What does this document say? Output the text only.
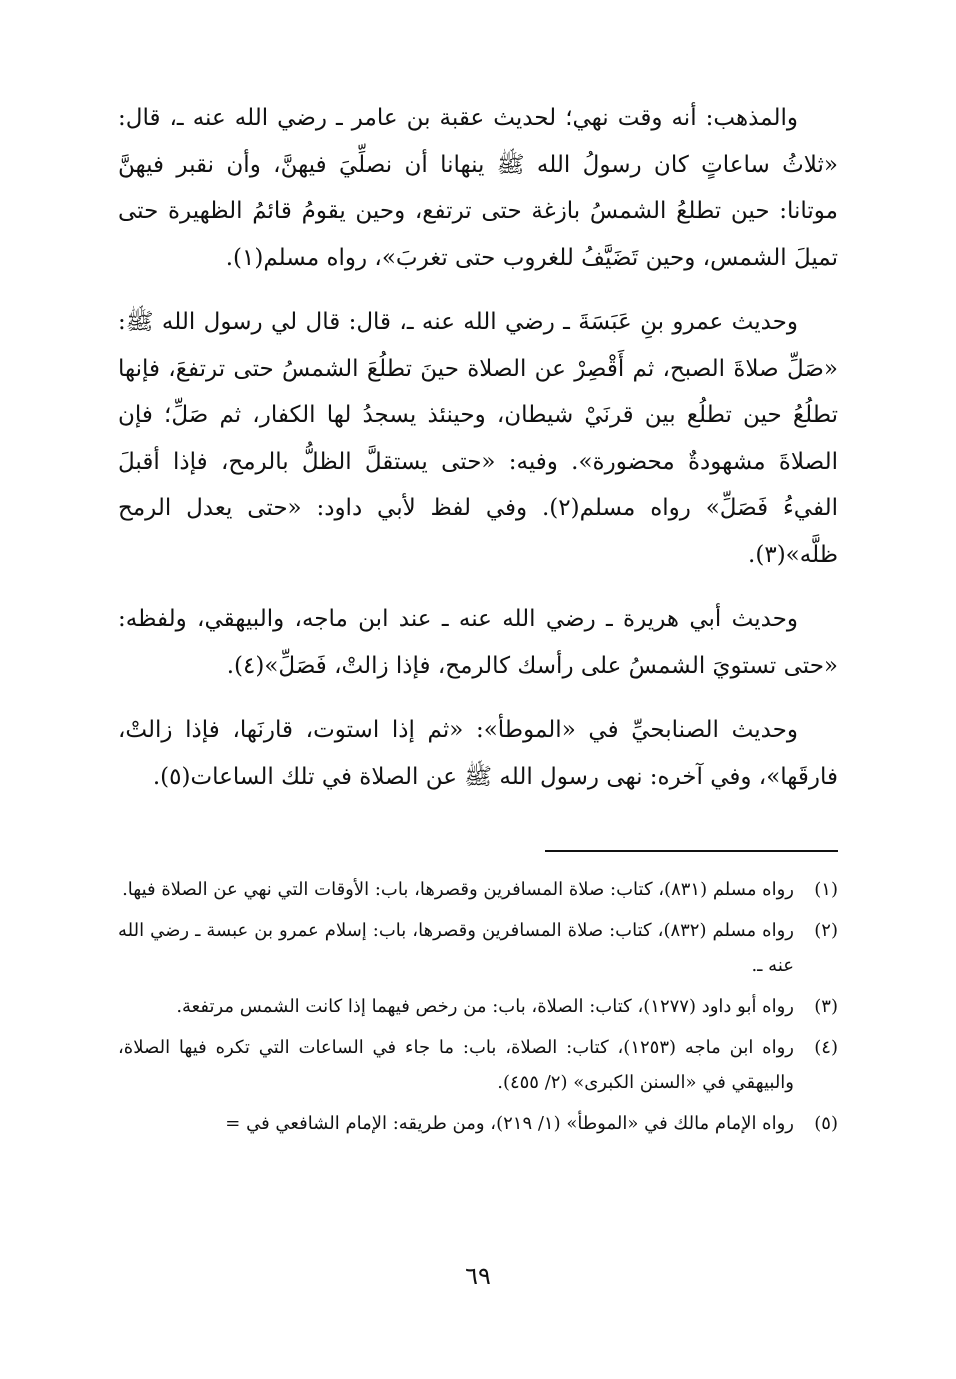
والمذهب: أنه وقت نهي؛ لحديث عقبة بن عامر ـ رضي الله عنه ـ، قال: «ثلاثُ ساعاتٍ كان رسولُ الله ﷺ ينهانا أن نصلِّيَ فيهنَّ، وأن نقبر فيهنَّ موتانا: حين تطلعُ الشمسُ بازغة حتى ترتفع، وحين يقومُ قائمُ الظهيرة حتى تميلَ الشمس، وحين تَضَيَّفُ للغروب حتى تغربَ»، رواه مسلم(١).

وحديث عمرو بنِ عَبَسَةَ ـ رضي الله عنه ـ، قال: قال لي رسول الله ﷺ: «صَلِّ صلاةَ الصبح، ثم أَقْصِرْ عن الصلاة حينَ تطلُعَ الشمسُ حتى ترتفعَ، فإنها تطلُعُ حين تطلُع بين قرنَيْ شيطان، وحينئذ يسجدُ لها الكفار، ثم صَلِّ؛ فإن الصلاةَ مشهودةٌ محضورة». وفيه: «حتى يستقلَّ الظلُّ بالرمح، فإذا أقبلَ الفيءُ فَصَلِّ» رواه مسلم(٢). وفي لفظ لأبي داود: «حتى يعدل الرمح ظلَّه»(٣).

وحديث أبي هريرة ـ رضي الله عنه ـ عند ابن ماجه، والبيهقي، ولفظه: «حتى تستويَ الشمسُ على رأسك كالرمح، فإذا زالتْ، فَصَلِّ»(٤).

وحديث الصنابحيِّ في «الموطأ»: «ثم إذا استوت، قارنَها، فإذا زالتْ، فارقَها»، وفي آخره: نهى رسول الله ﷺ عن الصلاة في تلك الساعات(٥).

(١)
رواه مسلم (٨٣١)، كتاب: صلاة المسافرين وقصرها، باب: الأوقات التي نهي عن الصلاة فيها.
(٢)
رواه مسلم (٨٣٢)، كتاب: صلاة المسافرين وقصرها، باب: إسلام عمرو بن عبسة ـ رضي الله عنه ـ.
(٣)
رواه أبو داود (١٢٧٧)، كتاب: الصلاة، باب: من رخص فيهما إذا كانت الشمس مرتفعة.
(٤)
رواه ابن ماجه (١٢٥٣)، كتاب: الصلاة، باب: ما جاء في الساعات التي تكره فيها الصلاة، والبيهقي في «السنن الكبرى» (٢/ ٤٥٥).
(٥)
رواه الإمام مالك في «الموطأ» (١/ ٢١٩)، ومن طريقه: الإمام الشافعي في =
٦٩
